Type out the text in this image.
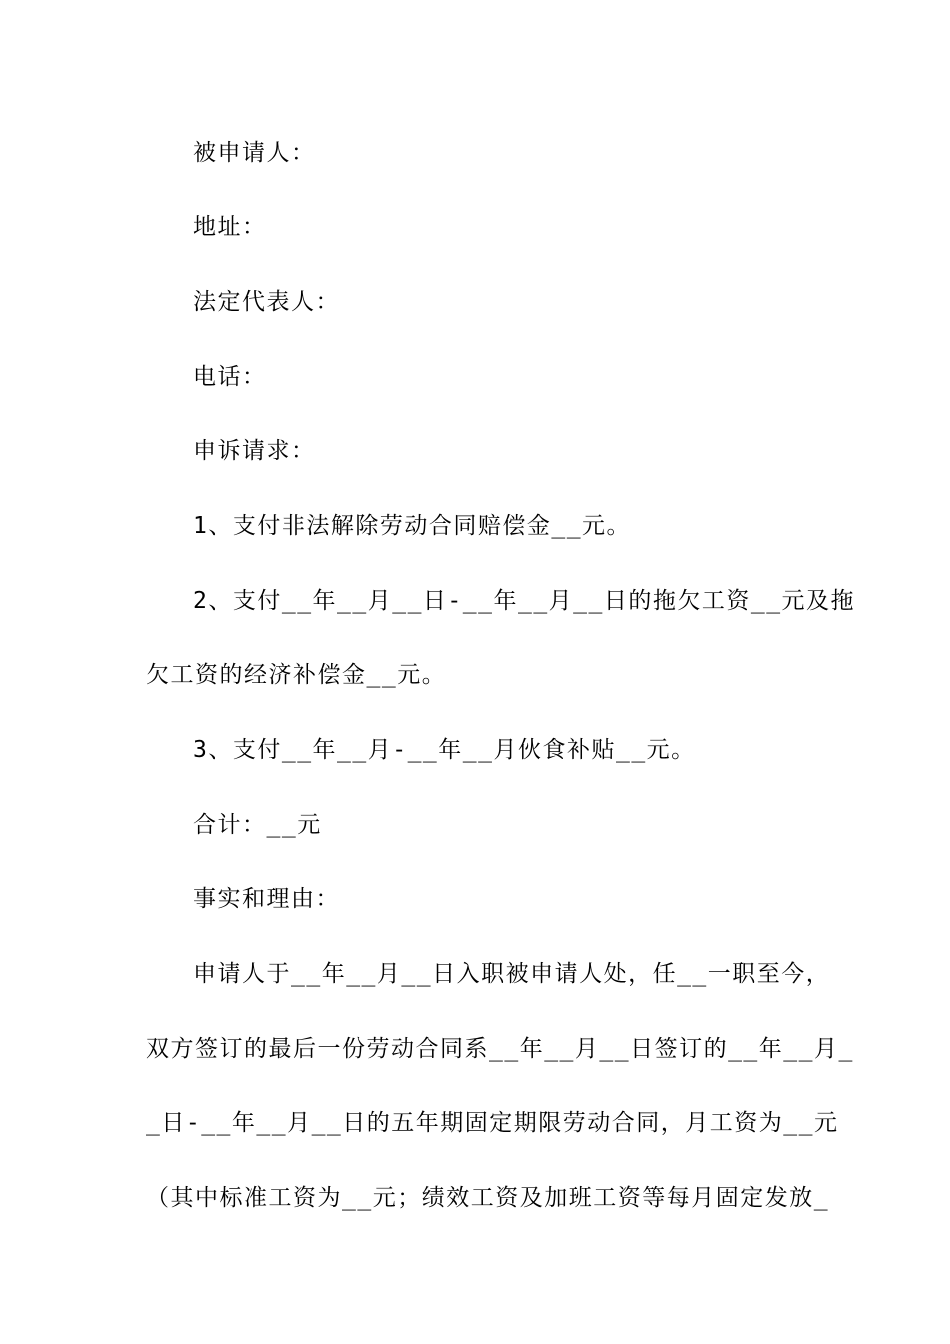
被申请人：
地址：
法定代表人：
电话：
申诉请求：
1、支付非法解除劳动合同赔偿金__元。
2、支付__年__月__日-__年__月__日的拖欠工资__元及拖
欠工资的经济补偿金__元。
3、支付__年__月-__年__月伙食补贴__元。
合计：__元
事实和理由：
申请人于__年__月__日入职被申请人处，任__一职至今，
双方签订的最后一份劳动合同系__年__月__日签订的__年__月_
_日-__年__月__日的五年期固定期限劳动合同，月工资为__元
（其中标准工资为__元；绩效工资及加班工资等每月固定发放_
